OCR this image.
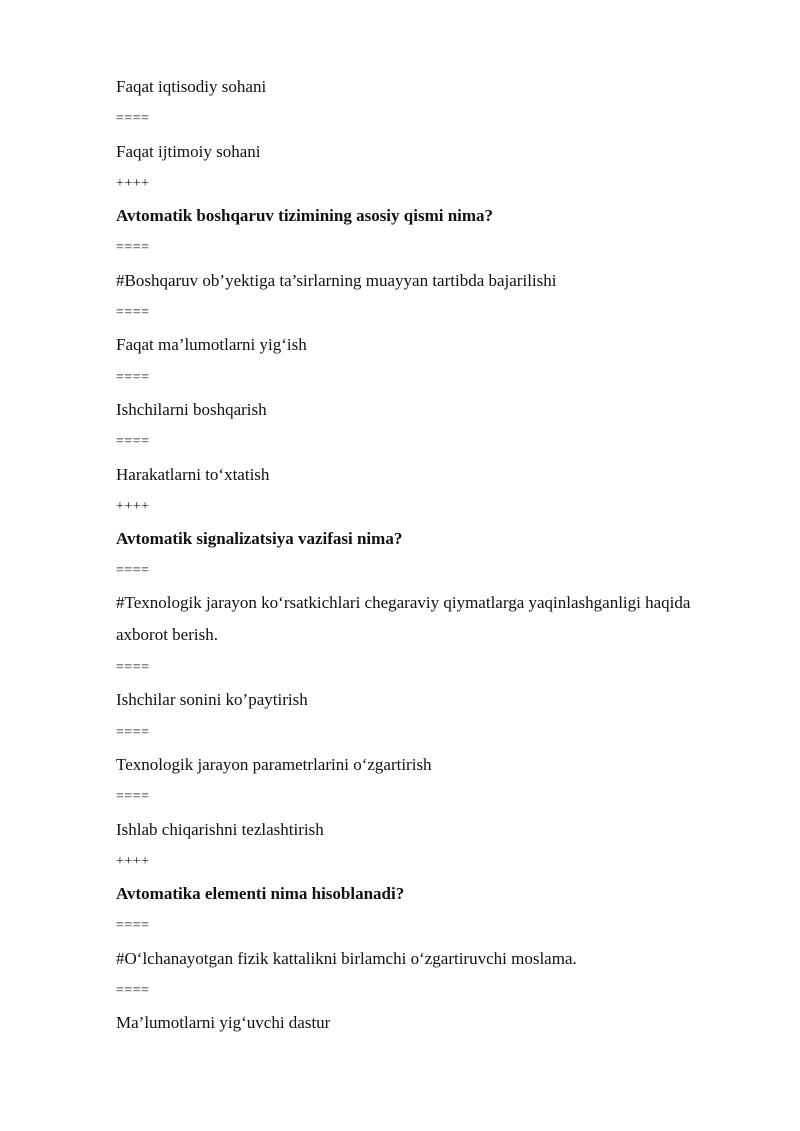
Faqat iqtisodiy sohani
====
Faqat ijtimoiy sohani
++++
Avtomatik boshqaruv tizimining asosiy qismi nima?
====
#Boshqaruv ob’yektiga ta’sirlarning muayyan tartibda bajarilishi
====
Faqat ma’lumotlarni yig‘ish
====
Ishchilarni boshqarish
====
Harakatlarni to‘xtatish
++++
Avtomatik signalizatsiya vazifasi nima?
====
#Texnologik jarayon ko‘rsatkichlari chegaraviy qiymatlarga yaqinlashganligi haqida axborot berish.
====
Ishchilar sonini ko’paytirish
====
Texnologik jarayon parametrlarini o‘zgartirish
====
Ishlab chiqarishni tezlashtirish
++++
Avtomatika elementi nima hisoblanadi?
====
#O‘lchanayotgan fizik kattalikni birlamchi o‘zgartiruvchi moslama.
====
Ma’lumotlarni yig‘uvchi dastur
